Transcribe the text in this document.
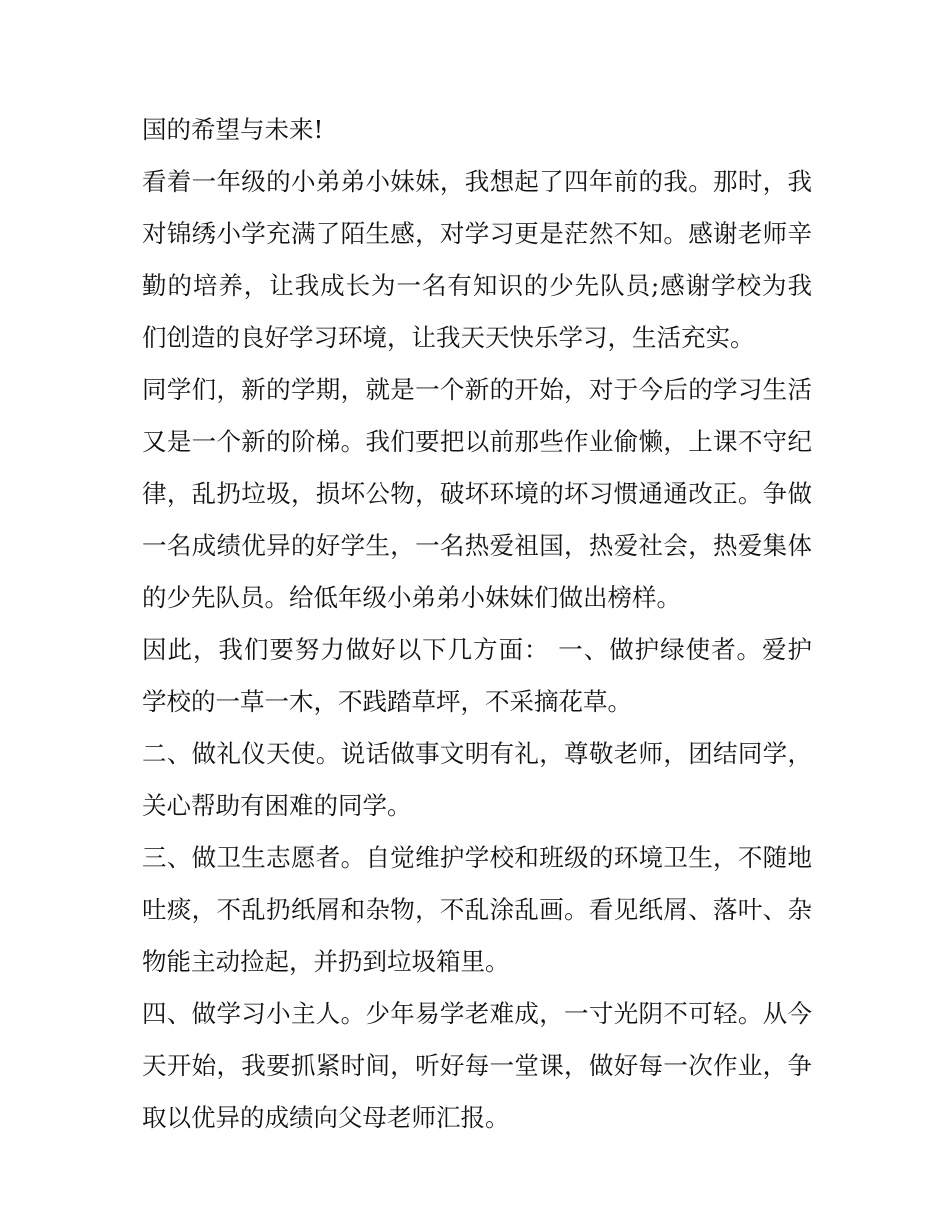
国的希望与未来!
看着一年级的小弟弟小妹妹，我想起了四年前的我。那时，我
对锦绣小学充满了陌生感，对学习更是茫然不知。感谢老师辛
勤的培养，让我成长为一名有知识的少先队员;感谢学校为我
们创造的良好学习环境，让我天天快乐学习，生活充实。
同学们，新的学期，就是一个新的开始，对于今后的学习生活
又是一个新的阶梯。我们要把以前那些作业偷懒，上课不守纪
律，乱扔垃圾，损坏公物，破坏环境的坏习惯通通改正。争做
一名成绩优异的好学生，一名热爱祖国，热爱社会，热爱集体
的少先队员。给低年级小弟弟小妹妹们做出榜样。
因此，我们要努力做好以下几方面： 一、做护绿使者。爱护
学校的一草一木，不践踏草坪，不采摘花草。
二、做礼仪天使。说话做事文明有礼，尊敬老师，团结同学，
关心帮助有困难的同学。
三、做卫生志愿者。自觉维护学校和班级的环境卫生，不随地
吐痰，不乱扔纸屑和杂物，不乱涂乱画。看见纸屑、落叶、杂
物能主动捡起，并扔到垃圾箱里。
四、做学习小主人。少年易学老难成，一寸光阴不可轻。从今
天开始，我要抓紧时间，听好每一堂课，做好每一次作业，争
取以优异的成绩向父母老师汇报。
